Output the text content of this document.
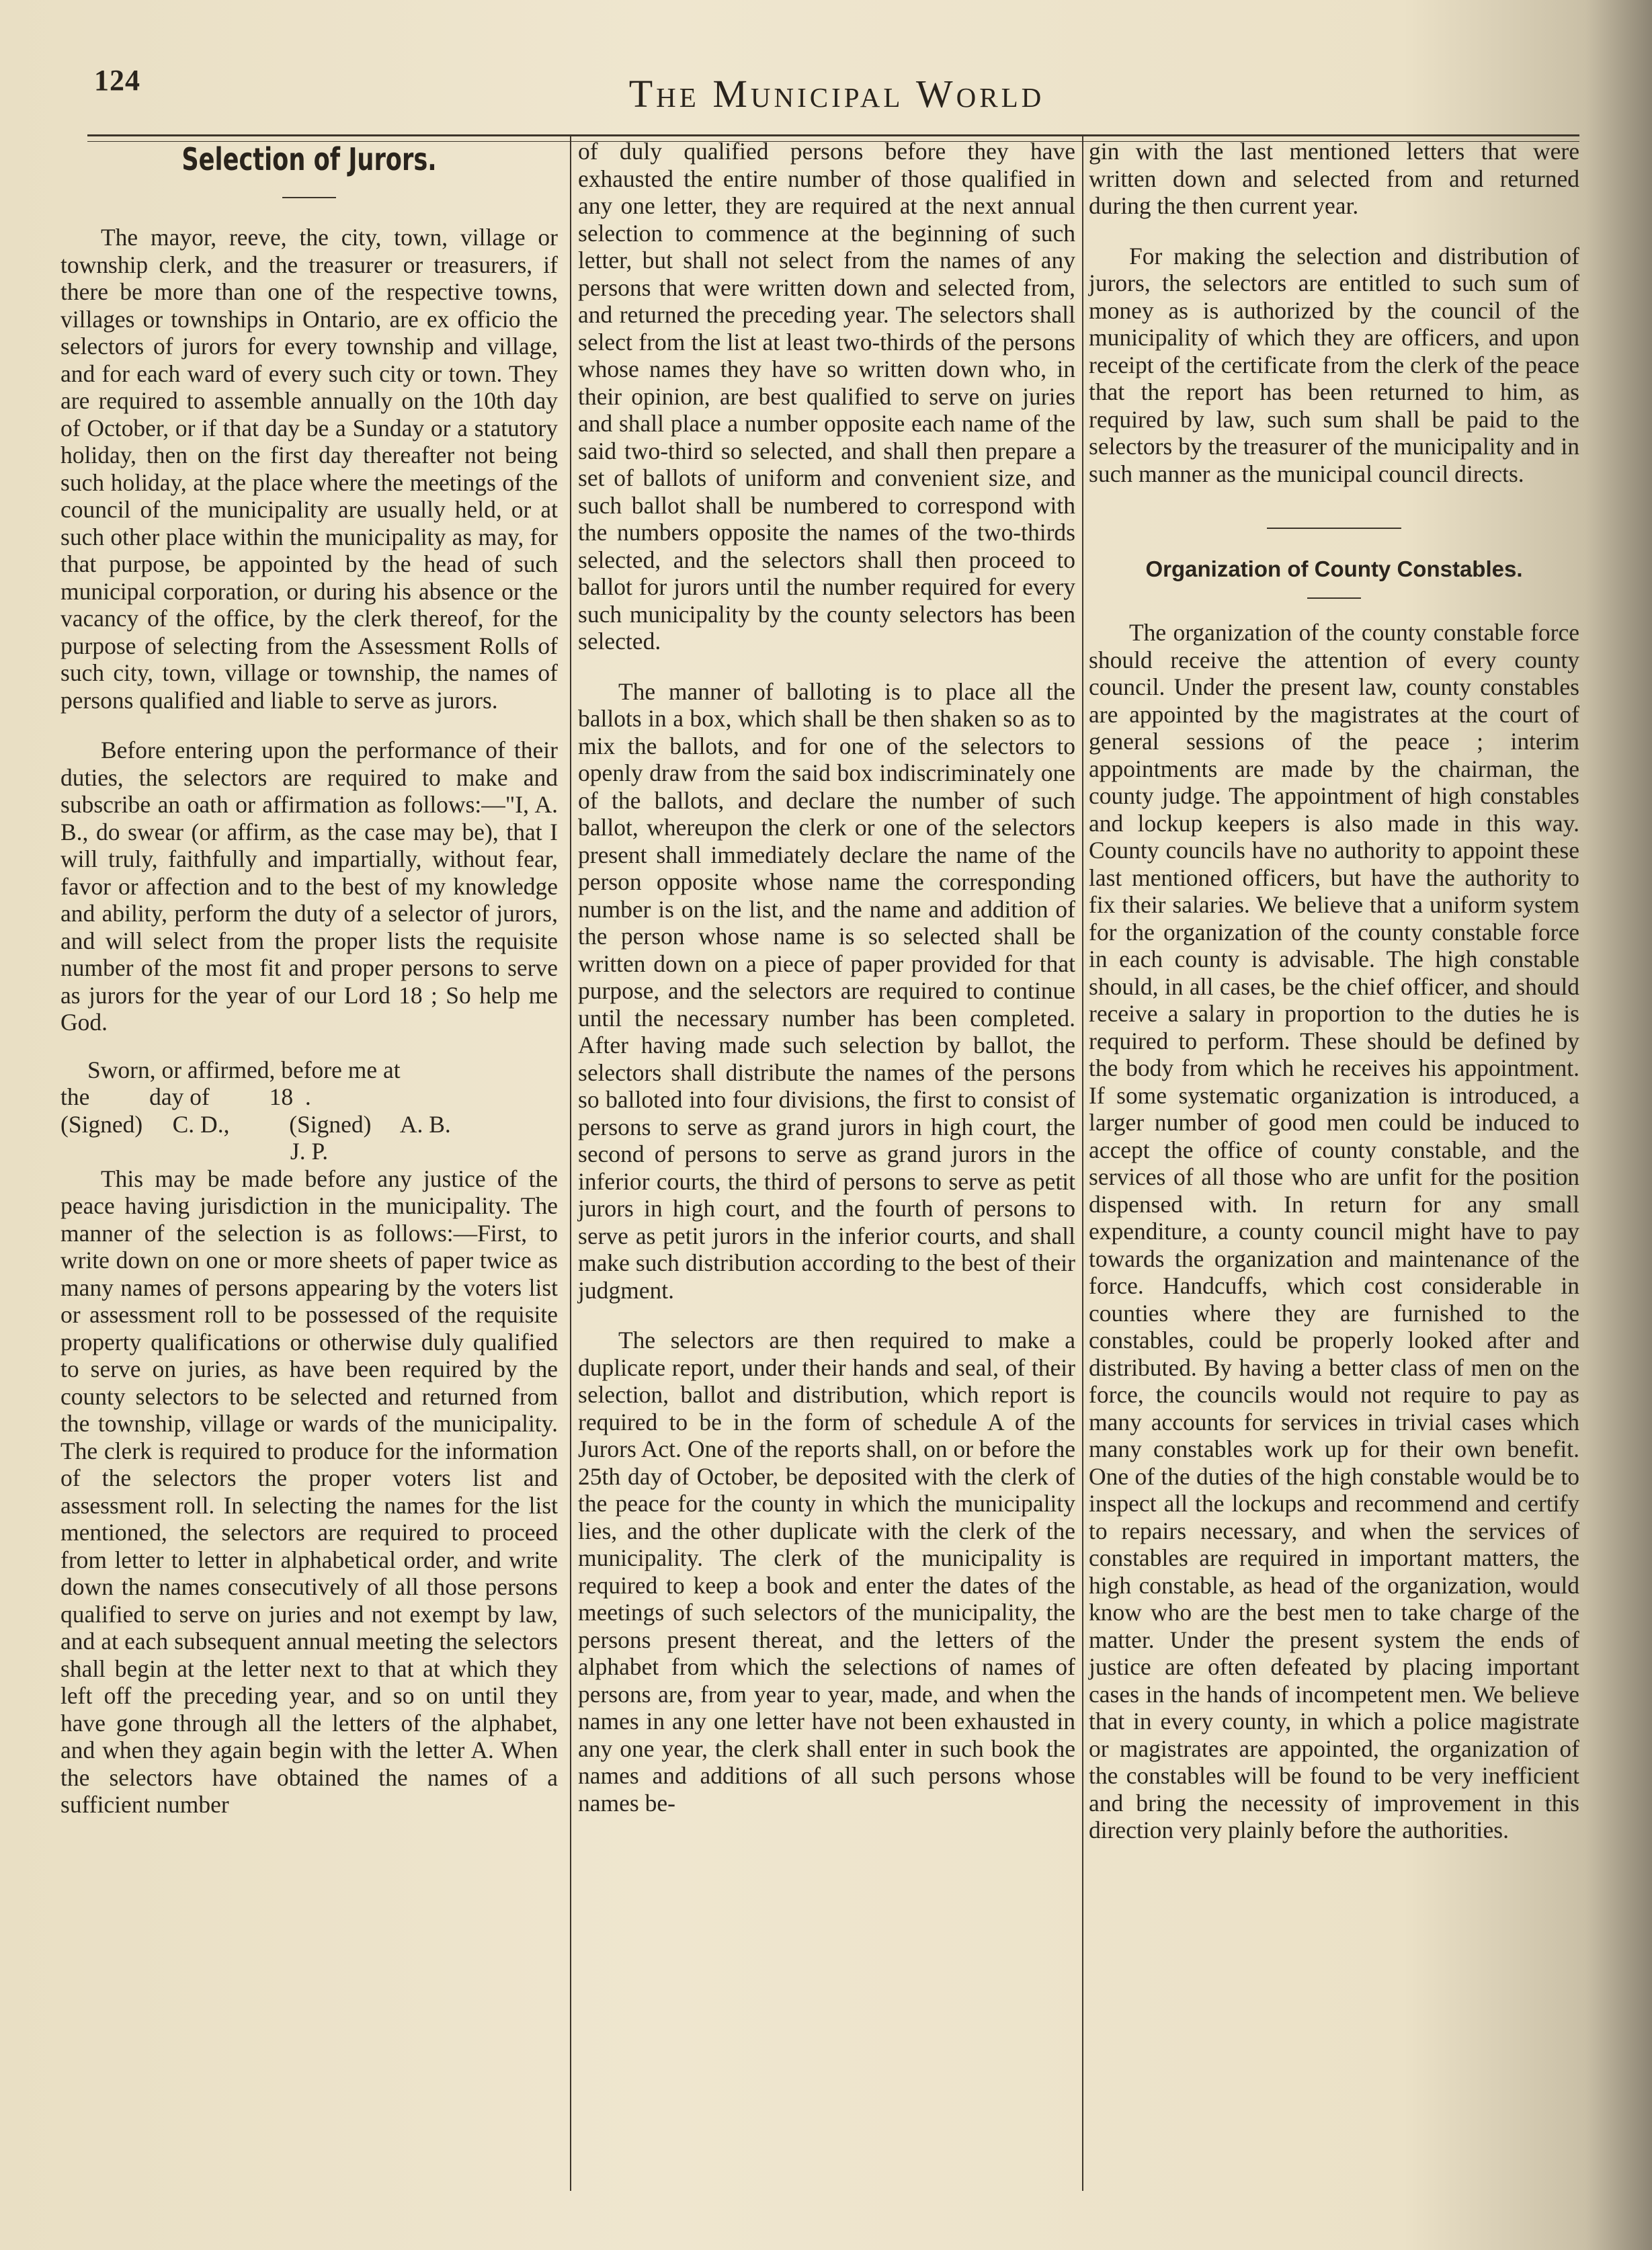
124	The Municipal World
Selection of Jurors.

The mayor, reeve, the city, town, village or township clerk, and the treasurer or treasurers, if there be more than one of the respective towns, villages or townships in Ontario, are ex officio the selectors of jurors for every township and village, and for each ward of every such city or town. They are required to assemble annually on the 10th day of October, or if that day be a Sunday or a statutory holiday, then on the first day thereafter not being such holiday, at the place where the meetings of the council of the municipality are usually held, or at such other place within the municipality as may, for that purpose, be appointed by the head of such municipal corporation, or during his absence or the vacancy of the office, by the clerk thereof, for the purpose of selecting from the Assessment Rolls of such city, town, village or township, the names of persons qualified and liable to serve as jurors.

Before entering upon the performance of their duties, the selectors are required to make and subscribe an oath or affirmation as follows:—"I, A. B., do swear (or affirm, as the case may be), that I will truly, faithfully and impartially, without fear, favor or affection and to the best of my knowledge and ability, perform the duty of a selector of jurors, and will select from the proper lists the requisite number of the most fit and proper persons to serve as jurors for the year of our Lord 18 ; So help me God.

Sworn, or affirmed, before me at

the          day of          18  .

(Signed)     C. D.,          (Signed)     A. B.

J. P.

This may be made before any justice of the peace having jurisdiction in the municipality. The manner of the selection is as follows:—First, to write down on one or more sheets of paper twice as many names of persons appearing by the voters list or assessment roll to be possessed of the requisite property qualifications or otherwise duly qualified to serve on juries, as have been required by the county selectors to be selected and returned from the township, village or wards of the municipality. The clerk is required to produce for the information of the selectors the proper voters list and assessment roll. In selecting the names for the list mentioned, the selectors are required to proceed from letter to letter in alphabetical order, and write down the names consecutively of all those persons qualified to serve on juries and not exempt by law, and at each subsequent annual meeting the selectors shall begin at the letter next to that at which they left off the preceding year, and so on until they have gone through all the letters of the alphabet, and when they again begin with the letter A. When the selectors have obtained the names of a sufficient number

of duly qualified persons before they have exhausted the entire number of those qualified in any one letter, they are required at the next annual selection to commence at the beginning of such letter, but shall not select from the names of any persons that were written down and selected from, and returned the preceding year. The selectors shall select from the list at least two-thirds of the persons whose names they have so written down who, in their opinion, are best qualified to serve on juries and shall place a number opposite each name of the said two-third so selected, and shall then prepare a set of ballots of uniform and convenient size, and such ballot shall be numbered to correspond with the numbers opposite the names of the two-thirds selected, and the selectors shall then proceed to ballot for jurors until the number required for every such municipality by the county selectors has been selected.

The manner of balloting is to place all the ballots in a box, which shall be then shaken so as to mix the ballots, and for one of the selectors to openly draw from the said box indiscriminately one of the ballots, and declare the number of such ballot, whereupon the clerk or one of the selectors present shall immediately declare the name of the person opposite whose name the corresponding number is on the list, and the name and addition of the person whose name is so selected shall be written down on a piece of paper provided for that purpose, and the selectors are required to continue until the necessary number has been completed. After having made such selection by ballot, the selectors shall distribute the names of the persons so balloted into four divisions, the first to consist of persons to serve as grand jurors in high court, the second of persons to serve as grand jurors in the inferior courts, the third of persons to serve as petit jurors in high court, and the fourth of persons to serve as petit jurors in the inferior courts, and shall make such distribution according to the best of their judgment.

The selectors are then required to make a duplicate report, under their hands and seal, of their selection, ballot and distribution, which report is required to be in the form of schedule A of the Jurors Act. One of the reports shall, on or before the 25th day of October, be deposited with the clerk of the peace for the county in which the municipality lies, and the other duplicate with the clerk of the municipality. The clerk of the municipality is required to keep a book and enter the dates of the meetings of such selectors of the municipality, the persons present thereat, and the letters of the alphabet from which the selections of names of persons are, from year to year, made, and when the names in any one letter have not been exhausted in any one year, the clerk shall enter in such book the names and additions of all such persons whose names be-

gin with the last mentioned letters that were written down and selected from and returned during the then current year.

For making the selection and distribution of jurors, the selectors are entitled to such sum of money as is authorized by the council of the municipality of which they are officers, and upon receipt of the certificate from the clerk of the peace that the report has been returned to him, as required by law, such sum shall be paid to the selectors by the treasurer of the municipality and in such manner as the municipal council directs.

Organization of County Constables.

The organization of the county constable force should receive the attention of every county council. Under the present law, county constables are appointed by the magistrates at the court of general sessions of the peace ; interim appointments are made by the chairman, the county judge. The appointment of high constables and lockup keepers is also made in this way. County councils have no authority to appoint these last mentioned officers, but have the authority to fix their salaries. We believe that a uniform system for the organization of the county constable force in each county is advisable. The high constable should, in all cases, be the chief officer, and should receive a salary in proportion to the duties he is required to perform. These should be defined by the body from which he receives his appointment. If some systematic organization is introduced, a larger number of good men could be induced to accept the office of county constable, and the services of all those who are unfit for the position dispensed with. In return for any small expenditure, a county council might have to pay towards the organization and maintenance of the force. Handcuffs, which cost considerable in counties where they are furnished to the constables, could be properly looked after and distributed. By having a better class of men on the force, the councils would not require to pay as many accounts for services in trivial cases which many constables work up for their own benefit. One of the duties of the high constable would be to inspect all the lockups and recommend and certify to repairs necessary, and when the services of constables are required in important matters, the high constable, as head of the organization, would know who are the best men to take charge of the matter. Under the present system the ends of justice are often defeated by placing important cases in the hands of incompetent men. We believe that in every county, in which a police magistrate or magistrates are appointed, the organization of the constables will be found to be very inefficient and bring the necessity of improvement in this direction very plainly before the authorities.
